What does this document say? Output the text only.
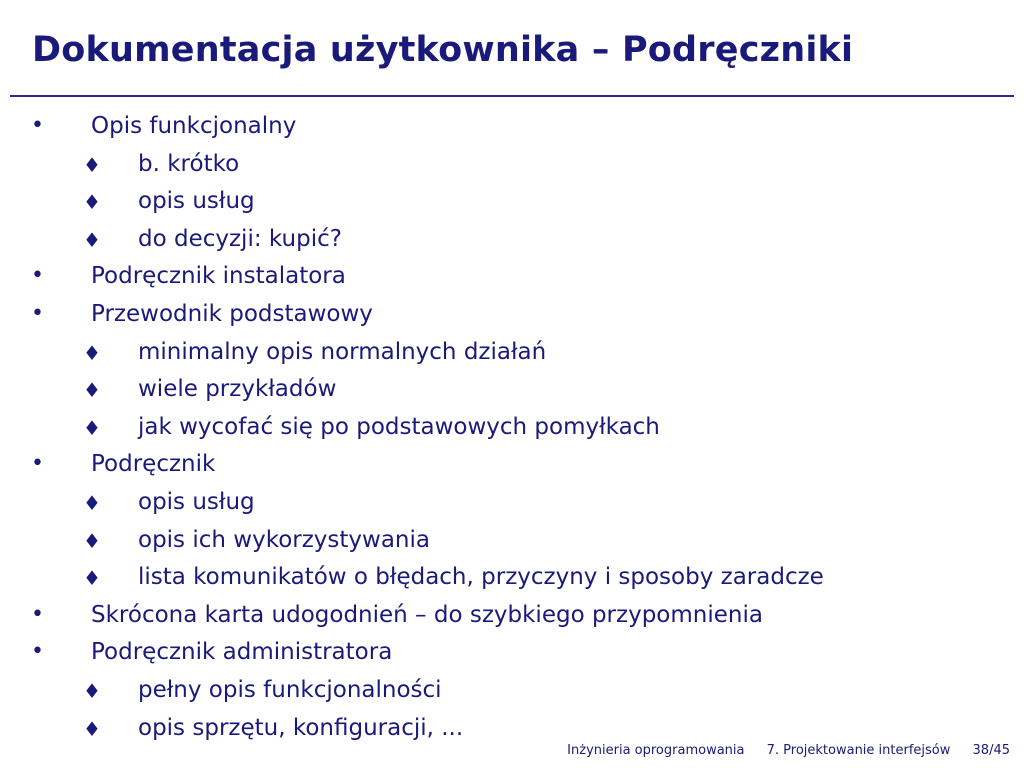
Dokumentacja użytkownika – Podręczniki
• Opis funkcjonalny
♦ b. krótko
♦ opis usług
♦ do decyzji: kupić?
• Podręcznik instalatora
• Przewodnik podstawowy
♦ minimalny opis normalnych działań
♦ wiele przykładów
♦ jak wycofać się po podstawowych pomyłkach
• Podręcznik
♦ opis usług
♦ opis ich wykorzystywania
♦ lista komunikatów o błędach, przyczyny i sposoby zaradcze
• Skrócona karta udogodnień – do szybkiego przypomnienia
• Podręcznik administratora
♦ pełny opis funkcjonalności
♦ opis sprzętu, konfiguracji, ...
Inżynieria oprogramowania 7. Projektowanie interfejsów 38/45
